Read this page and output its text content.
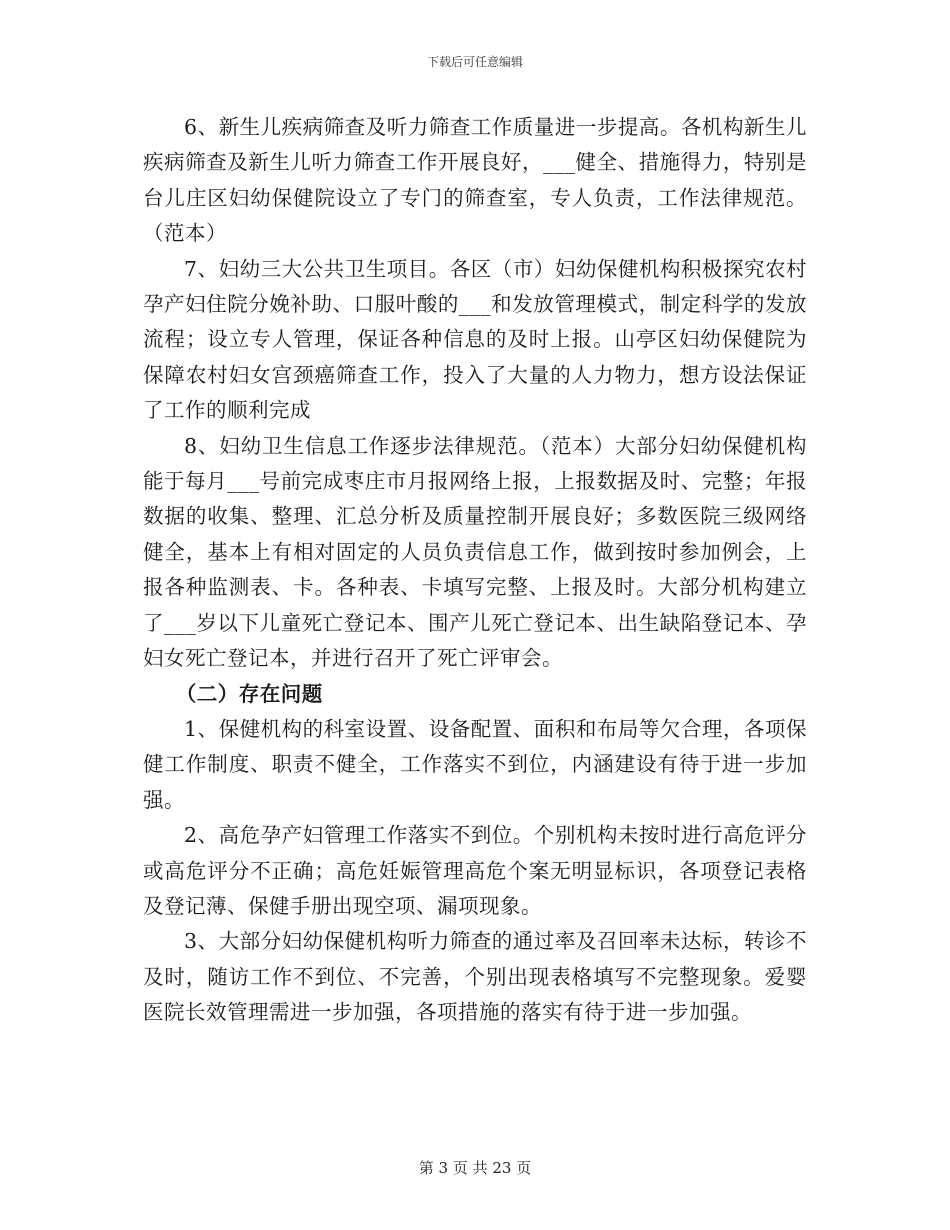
下载后可任意编辑

6、新生儿疾病筛查及听力筛查工作质量进一步提高。各机构新生儿疾病筛查及新生儿听力筛查工作开展良好，___健全、措施得力，特别是台儿庄区妇幼保健院设立了专门的筛查室，专人负责，工作法律规范。（范本）

7、妇幼三大公共卫生项目。各区（市）妇幼保健机构积极探究农村孕产妇住院分娩补助、口服叶酸的___和发放管理模式，制定科学的发放流程；设立专人管理，保证各种信息的及时上报。山亭区妇幼保健院为保障农村妇女宫颈癌筛查工作，投入了大量的人力物力，想方设法保证了工作的顺利完成

8、妇幼卫生信息工作逐步法律规范。（范本）大部分妇幼保健机构能于每月___号前完成枣庄市月报网络上报，上报数据及时、完整；年报数据的收集、整理、汇总分析及质量控制开展良好；多数医院三级网络健全，基本上有相对固定的人员负责信息工作，做到按时参加例会，上报各种监测表、卡。各种表、卡填写完整、上报及时。大部分机构建立了___岁以下儿童死亡登记本、围产儿死亡登记本、出生缺陷登记本、孕妇女死亡登记本，并进行召开了死亡评审会。

（二）存在问题

1、保健机构的科室设置、设备配置、面积和布局等欠合理，各项保健工作制度、职责不健全，工作落实不到位，内涵建设有待于进一步加强。

2、高危孕产妇管理工作落实不到位。个别机构未按时进行高危评分或高危评分不正确；高危妊娠管理高危个案无明显标识，各项登记表格及登记薄、保健手册出现空项、漏项现象。

3、大部分妇幼保健机构听力筛查的通过率及召回率未达标，转诊不及时，随访工作不到位、不完善，个别出现表格填写不完整现象。爱婴医院长效管理需进一步加强，各项措施的落实有待于进一步加强。

第 3 页 共 23 页
